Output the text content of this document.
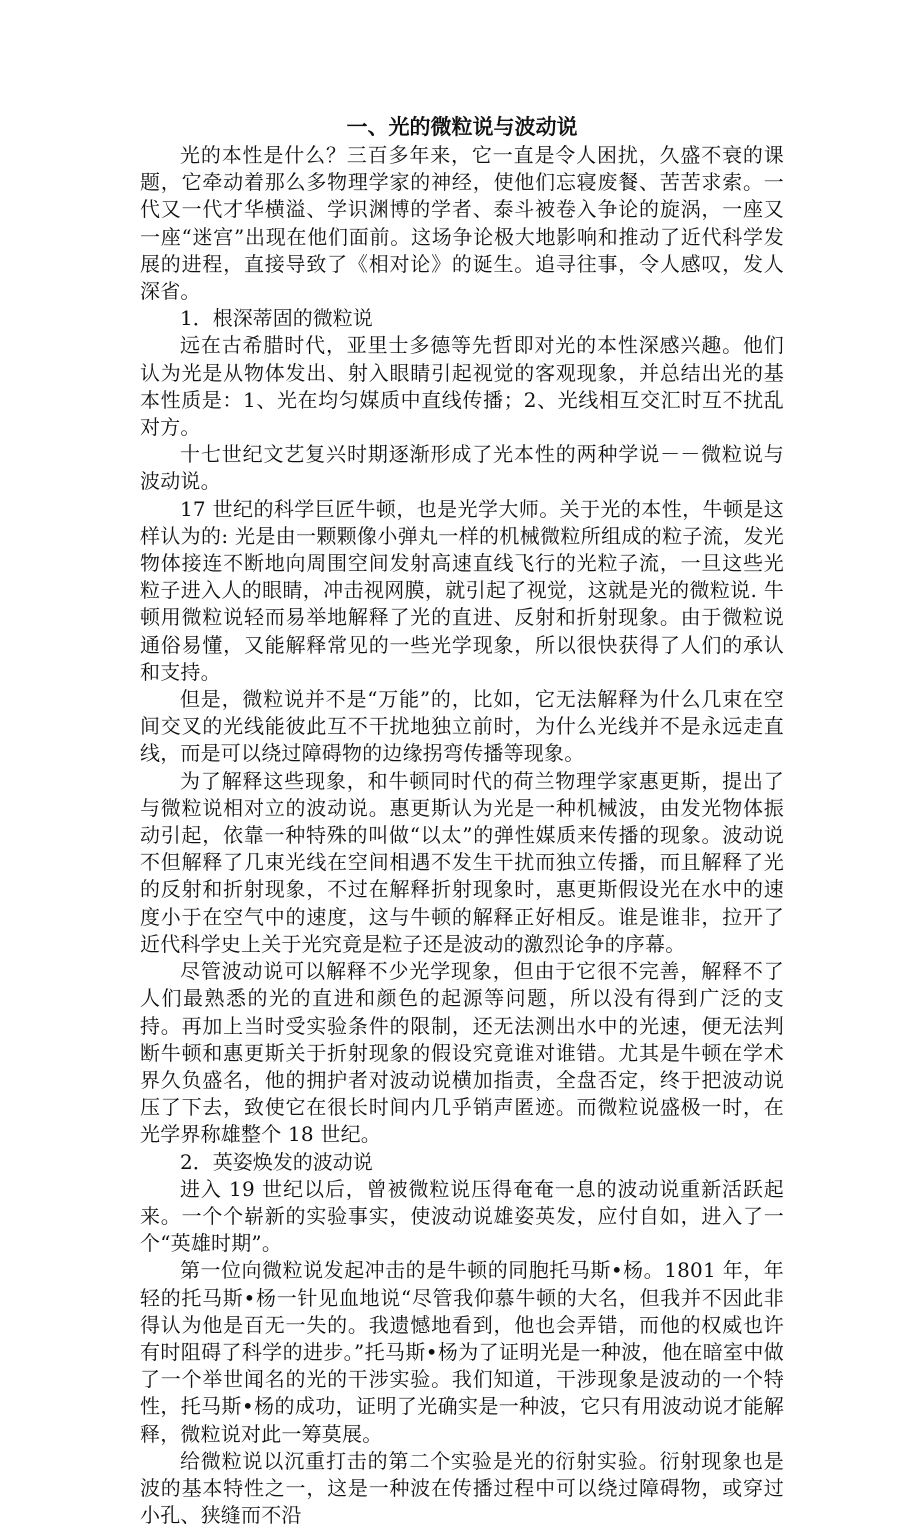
一、光的微粒说与波动说

光的本性是什么？三百多年来，它一直是令人困扰，久盛不衰的课题，它牵动着那么多物理学家的神经，使他们忘寝废餐、苦苦求索。一代又一代才华横溢、学识渊博的学者、泰斗被卷入争论的旋涡，一座又一座“迷宫”出现在他们面前。这场争论极大地影响和推动了近代科学发展的进程，直接导致了《相对论》的诞生。追寻往事，令人感叹，发人深省。

1．根深蒂固的微粒说

远在古希腊时代，亚里士多德等先哲即对光的本性深感兴趣。他们认为光是从物体发出、射入眼睛引起视觉的客观现象，并总结出光的基本性质是：1、光在均匀媒质中直线传播；2、光线相互交汇时互不扰乱对方。

十七世纪文艺复兴时期逐渐形成了光本性的两种学说－－微粒说与波动说。

17 世纪的科学巨匠牛顿，也是光学大师。关于光的本性，牛顿是这样认为的: 光是由一颗颗像小弹丸一样的机械微粒所组成的粒子流，发光物体接连不断地向周围空间发射高速直线飞行的光粒子流，一旦这些光粒子进入人的眼睛，冲击视网膜，就引起了视觉，这就是光的微粒说. 牛顿用微粒说轻而易举地解释了光的直进、反射和折射现象。由于微粒说通俗易懂，又能解释常见的一些光学现象，所以很快获得了人们的承认和支持。

但是，微粒说并不是“万能”的，比如，它无法解释为什么几束在空间交叉的光线能彼此互不干扰地独立前时，为什么光线并不是永远走直线，而是可以绕过障碍物的边缘拐弯传播等现象。

为了解释这些现象，和牛顿同时代的荷兰物理学家惠更斯，提出了与微粒说相对立的波动说。惠更斯认为光是一种机械波，由发光物体振动引起，依靠一种特殊的叫做“以太”的弹性媒质来传播的现象。波动说不但解释了几束光线在空间相遇不发生干扰而独立传播，而且解释了光的反射和折射现象，不过在解释折射现象时，惠更斯假设光在水中的速度小于在空气中的速度，这与牛顿的解释正好相反。谁是谁非，拉开了近代科学史上关于光究竟是粒子还是波动的激烈论争的序幕。

尽管波动说可以解释不少光学现象，但由于它很不完善，解释不了人们最熟悉的光的直进和颜色的起源等问题，所以没有得到广泛的支持。再加上当时受实验条件的限制，还无法测出水中的光速，便无法判断牛顿和惠更斯关于折射现象的假设究竟谁对谁错。尤其是牛顿在学术界久负盛名，他的拥护者对波动说横加指责，全盘否定，终于把波动说压了下去，致使它在很长时间内几乎销声匿迹。而微粒说盛极一时，在光学界称雄整个 18 世纪。

2．英姿焕发的波动说

进入 19 世纪以后，曾被微粒说压得奄奄一息的波动说重新活跃起来。一个个崭新的实验事实，使波动说雄姿英发，应付自如，进入了一个“英雄时期”。

第一位向微粒说发起冲击的是牛顿的同胞托马斯•杨。1801 年，年轻的托马斯•杨一针见血地说“尽管我仰慕牛顿的大名，但我并不因此非得认为他是百无一失的。我遗憾地看到，他也会弄错，而他的权威也许有时阻碍了科学的进步。”托马斯•杨为了证明光是一种波，他在暗室中做了一个举世闻名的光的干涉实验。我们知道，干涉现象是波动的一个特性，托马斯•杨的成功，证明了光确实是一种波，它只有用波动说才能解释，微粒说对此一筹莫展。

给微粒说以沉重打击的第二个实验是光的衍射实验。衍射现象也是波的基本特性之一，这是一种波在传播过程中可以绕过障碍物，或穿过小孔、狭缝而不沿
